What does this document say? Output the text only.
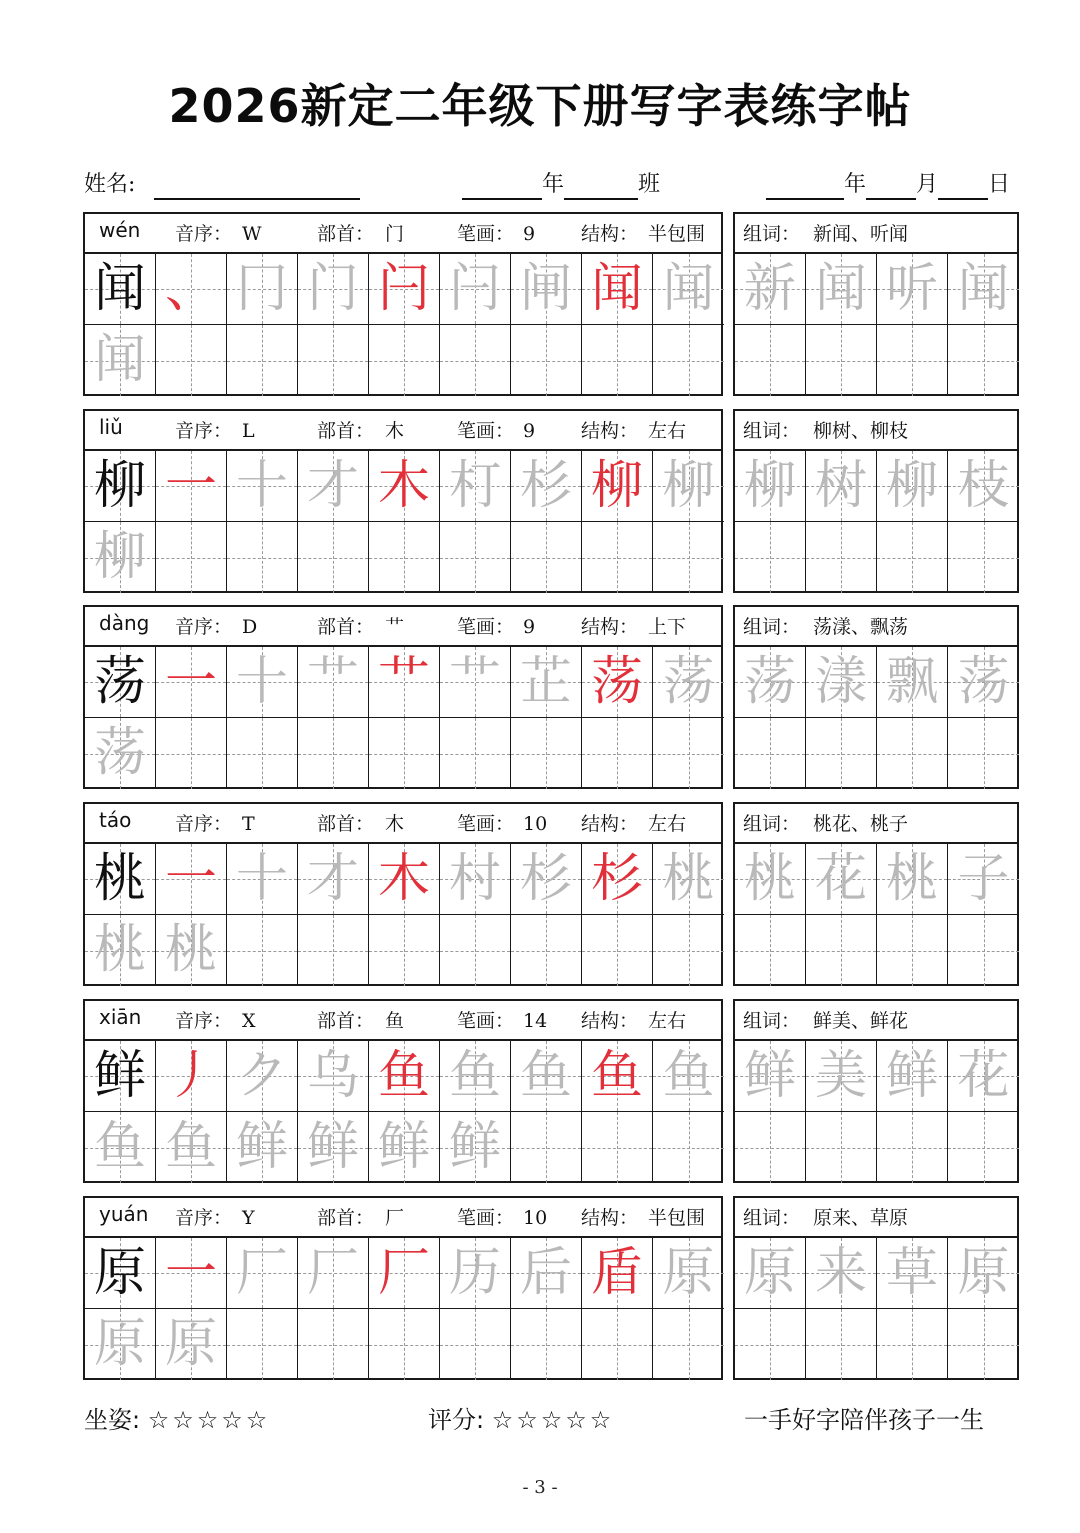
2026新定二年级下册写字表练字帖
姓名:	年	班	年 月 日
wén 音序： W	部首： 门	笔画： 9 结构： 半包围
闻 、 冂 门 闩 闩 闸 闻 闻
闻
组词： 新闻、听闻
新 闻 听 闻
liǔ	音序： L	部首： 木	笔画： 9 结构： 左右
柳 一 十 才 木 朾 杉 柳 柳
柳
组词： 柳树、柳枝
柳 树 柳 枝
dàng 音序： D	部首： 艹	笔画： 9 结构： 上下
荡 一 十 艹 艹 艹 芷 荡 荡
荡
组词： 荡漾、飘荡
荡 漾 飘 荡
táo 音序： T	部首： 木	笔画： 10 结构： 左右
桃 一 十 才 木 村 杉 杉 桃
桃 桃
组词： 桃花、桃子
桃 花 桃 子
xiān 音序： X	部首： 鱼	笔画： 14 结构： 左右
鲜 丿 ク 乌 鱼 鱼 鱼 鱼 鱼
鱼 鱼 鲜 鲜 鲜 鲜
组词： 鲜美、鲜花
鲜 美 鲜 花
yuán 音序： Y	部首： 厂	笔画： 10 结构： 半包围
原 一 厂 厂 厂 历 后 盾 原
原 原
组词： 原来、草原
原 来 草 原
坐姿: ☆☆☆☆☆	评分: ☆☆☆☆☆	一手好字陪伴孩子一生
- 3 -
